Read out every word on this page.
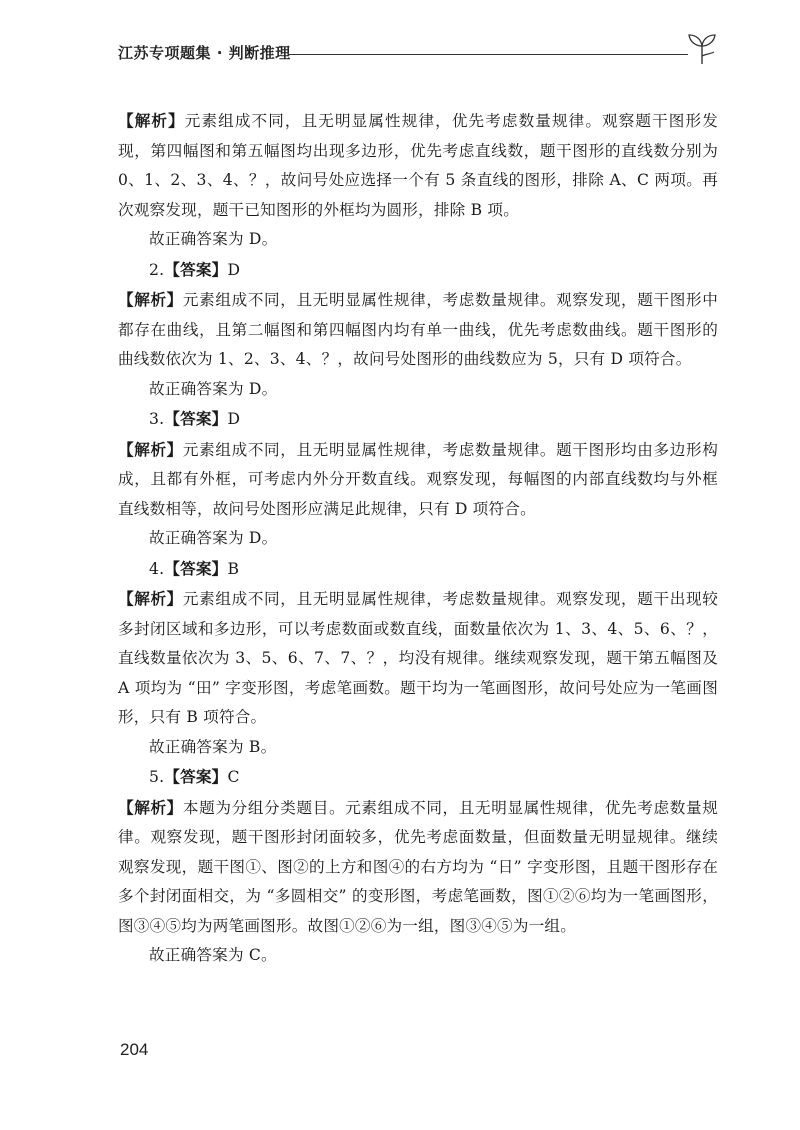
江苏专项题集 · 判断推理

【解析】元素组成不同，且无明显属性规律，优先考虑数量规律。观察题干图形发现，第四幅图和第五幅图均出现多边形，优先考虑直线数，题干图形的直线数分别为 0、1、2、3、4、？，故问号处应选择一个有 5 条直线的图形，排除 A、C 两项。再次观察发现，题干已知图形的外框均为圆形，排除 B 项。

故正确答案为 D。

2.【答案】D

【解析】元素组成不同，且无明显属性规律，考虑数量规律。观察发现，题干图形中都存在曲线，且第二幅图和第四幅图内均有单一曲线，优先考虑数曲线。题干图形的曲线数依次为 1、2、3、4、？，故问号处图形的曲线数应为 5，只有 D 项符合。

故正确答案为 D。

3.【答案】D

【解析】元素组成不同，且无明显属性规律，考虑数量规律。题干图形均由多边形构成，且都有外框，可考虑内外分开数直线。观察发现，每幅图的内部直线数均与外框直线数相等，故问号处图形应满足此规律，只有 D 项符合。

故正确答案为 D。

4.【答案】B

【解析】元素组成不同，且无明显属性规律，考虑数量规律。观察发现，题干出现较多封闭区域和多边形，可以考虑数面或数直线，面数量依次为 1、3、4、5、6、？，直线数量依次为 3、5、6、7、7、？，均没有规律。继续观察发现，题干第五幅图及 A 项均为 “田” 字变形图，考虑笔画数。题干均为一笔画图形，故问号处应为一笔画图形，只有 B 项符合。

故正确答案为 B。

5.【答案】C

【解析】本题为分组分类题目。元素组成不同，且无明显属性规律，优先考虑数量规律。观察发现，题干图形封闭面较多，优先考虑面数量，但面数量无明显规律。继续观察发现，题干图①、图②的上方和图④的右方均为 “日” 字变形图，且题干图形存在多个封闭面相交，为 “多圆相交” 的变形图，考虑笔画数，图①②⑥均为一笔画图形，图③④⑤均为两笔画图形。故图①②⑥为一组，图③④⑤为一组。

故正确答案为 C。

204
